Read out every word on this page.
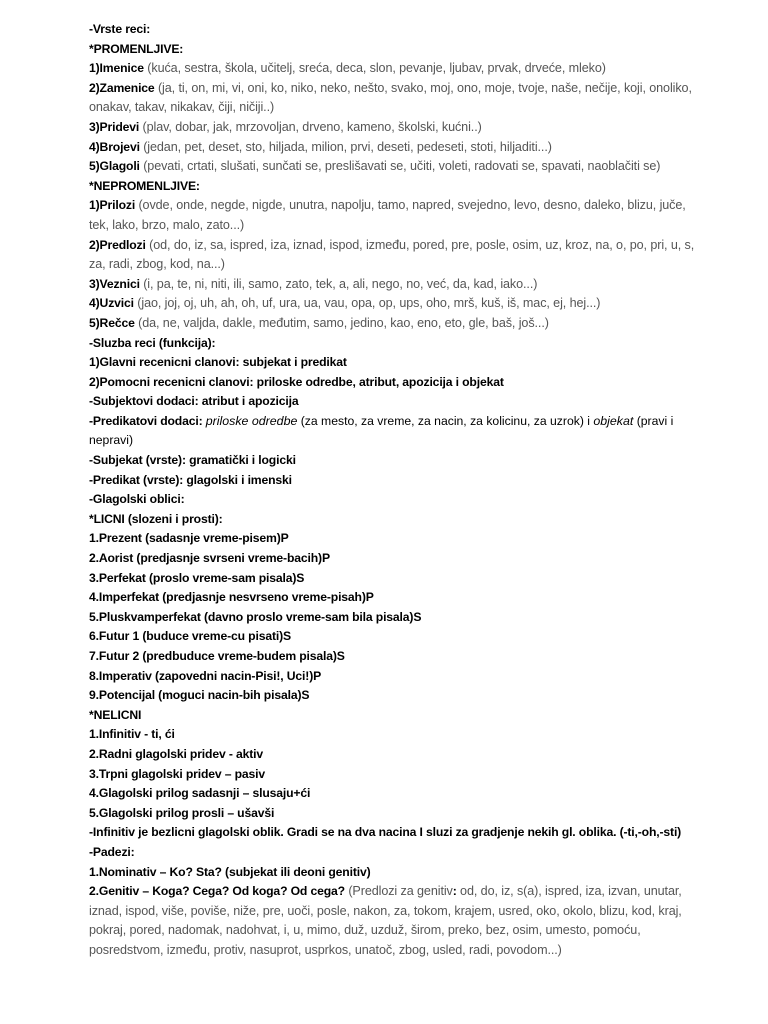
-Vrste reci:
*PROMENLJIVE:
1)Imenice (kuća, sestra, škola, učitelj, sreća, deca, slon, pevanje, ljubav, prvak, drveće, mleko)
2)Zamenice (ja, ti, on, mi, vi, oni, ko, niko, neko, nešto, svako, moj, ono, moje, tvoje, naše, nečije, koji, onoliko, onakav, takav, nikakav, čiji, ničiji..)
3)Pridevi (plav, dobar, jak, mrzovoljan, drveno, kameno, školski, kućni..)
4)Brojevi (jedan, pet, deset, sto, hiljada, milion, prvi, deseti, pedeseti, stoti, hiljaditi...)
5)Glagoli (pevati, crtati, slušati, sunčati se, preslišavati se, učiti, voleti, radovati se, spavati, naoblačiti se)
*NEPROMENLJIVE:
1)Prilozi (ovde, onde, negde, nigde, unutra, napolju, tamo, napred, svejedno, levo, desno, daleko, blizu, juče, tek, lako, brzo, malo, zato...)
2)Predlozi (od, do, iz, sa, ispred, iza, iznad, ispod, između, pored, pre, posle, osim, uz, kroz, na, o, po, pri, u, s, za, radi, zbog, kod, na...)
3)Veznici (i, pa, te, ni, niti, ili, samo, zato, tek, a, ali, nego, no, već, da, kad, iako...)
4)Uzvici (jao, joj, oj, uh, ah, oh, uf, ura, ua, vau, opa, op, ups, oho, mrš, kuš, iš, mac, ej, hej...)
5)Rečce (da, ne, valjda, dakle, međutim, samo, jedino, kao, eno, eto, gle, baš, još...)
-Sluzba reci (funkcija):
1)Glavni recenicni clanovi: subjekat i predikat
2)Pomocni recenicni clanovi: priloske odredbe, atribut, apozicija i objekat
-Subjektovi dodaci: atribut i apozicija
-Predikatovi dodaci: priloske odredbe (za mesto, za vreme, za nacin, za kolicinu, za uzrok) i objekat (pravi i nepravi)
-Subjekat (vrste): gramatički i logicki
-Predikat (vrste): glagolski i imenski
-Glagolski oblici:
*LICNI (slozeni i prosti):
1.Prezent (sadasnje vreme-pisem)P
2.Aorist (predjasnje svrseni vreme-bacih)P
3.Perfekat (proslo vreme-sam pisala)S
4.Imperfekat (predjasnje nesvrseno vreme-pisah)P
5.Pluskvamperfekat (davno proslo vreme-sam bila pisala)S
6.Futur 1 (buduce vreme-cu pisati)S
7.Futur 2 (predbuduce vreme-budem pisala)S
8.Imperativ (zapovedni nacin-Pisi!, Uci!)P
9.Potencijal (moguci nacin-bih pisala)S
*NELICNI
1.Infinitiv - ti, ći
2.Radni glagolski pridev - aktiv
3.Trpni glagolski pridev – pasiv
4.Glagolski prilog sadasnji – slusaju+ći
5.Glagolski prilog prosli – ušavši
-Infinitiv je bezlicni glagolski oblik. Gradi se na dva nacina I sluzi za gradjenje nekih gl. oblika. (-ti,-oh,-sti)
-Padezi:
1.Nominativ – Ko? Sta? (subjekat ili deoni genitiv)
2.Genitiv – Koga? Cega? Od koga? Od cega? (Predlozi za genitiv: od, do, iz, s(a), ispred, iza, izvan, unutar, iznad, ispod, više, poviše, niže, pre, uoči, posle, nakon, za, tokom, krajem, usred, oko, okolo, blizu, kod, kraj, pokraj, pored, nadomak, nadohvat, i, u, mimo, duž, uzduž, širom, preko, bez, osim, umesto, pomoću, posredstvom, između, protiv, nasuprot, usprkos, unatoč, zbog, usled, radi, povodom...)
